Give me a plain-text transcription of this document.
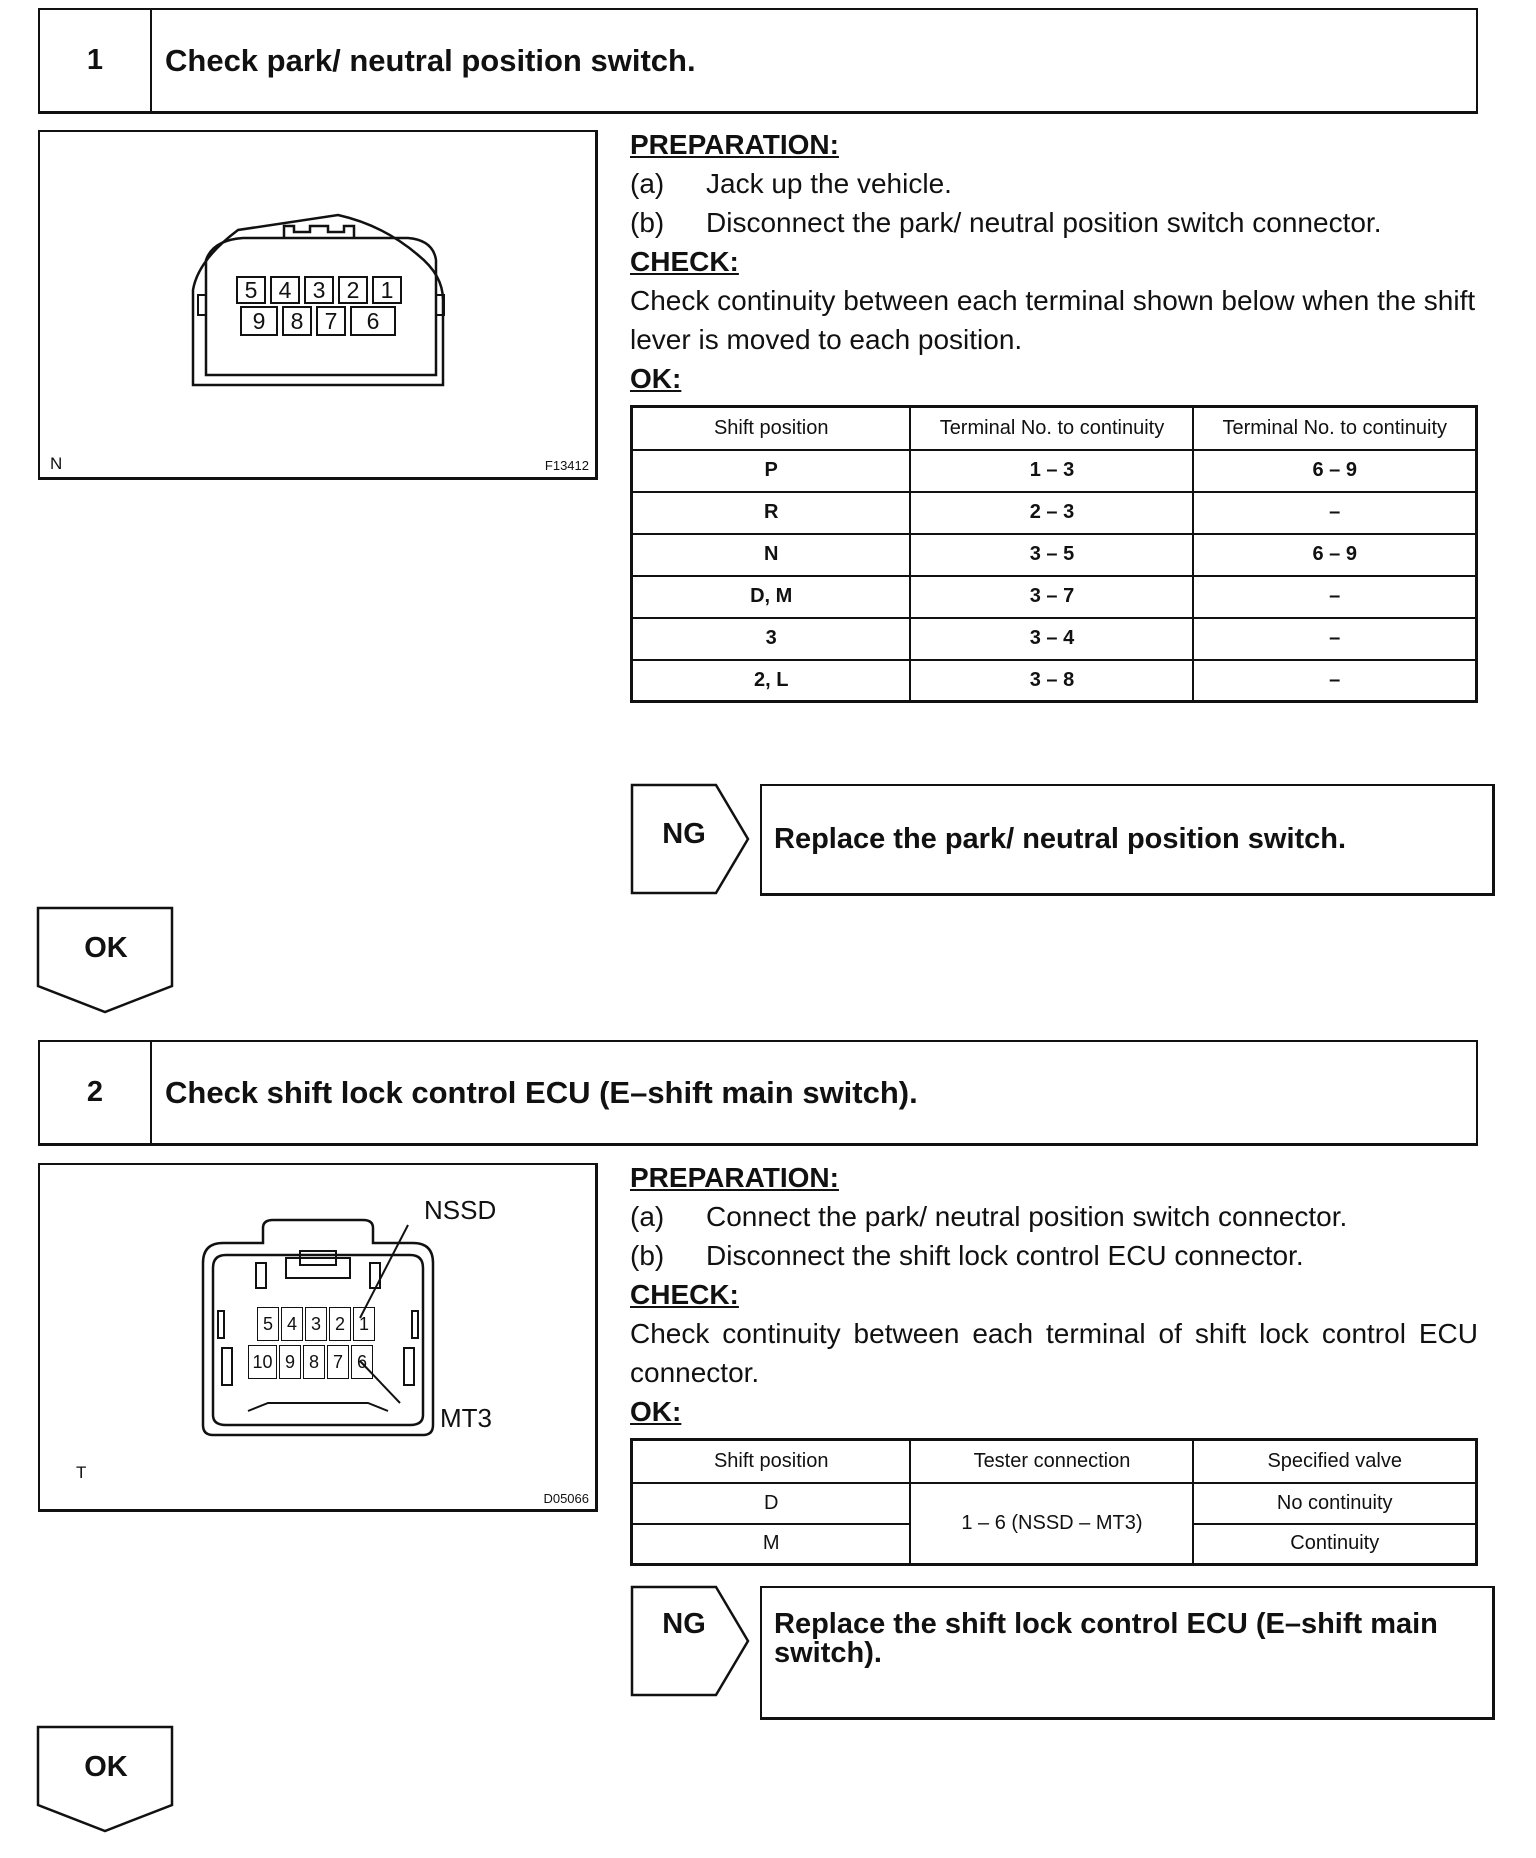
1	Check park/ neutral position switch.
5 4 3 2 1
9	8 7	6
N	F13412
PREPARATION:
(a)	Jack up the vehicle.
(b)	Disconnect the park/ neutral position switch connector.
CHECK:
Check continuity between each terminal shown below when the shift lever is moved to each position.
OK:
Shift position	Terminal No. to continuity	Terminal No. to continuity
P	1 – 3	6 – 9
R	2 – 3	–
N	3 – 5	6 – 9
D, M	3 – 7	–
3	3 – 4	–
2, L	3 – 8	–
NG	Replace the park/ neutral position switch.
OK
2	Check shift lock control ECU (E–shift main switch).
5 4 3 2 1
10 9 8 7 6
NSSD
MT3
T
D05066
PREPARATION:
(a)	Connect the park/ neutral position switch connector.
(b)	Disconnect the shift lock control ECU connector.
CHECK:
Check continuity between each terminal of shift lock control ECU connector.
OK:
Shift position	Tester connection	Specified valve
D	1 – 6 (NSSD – MT3)	No continuity
M		Continuity
NG	Replace the shift lock control ECU (E–shift main switch).
OK
